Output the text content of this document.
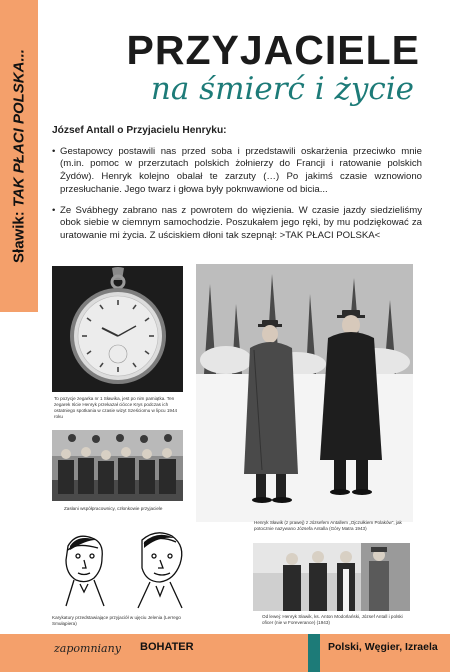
Sławik: TAK PŁACI POLSKA...	PRZYJACIELE
na śmierć i życie
József Antall o Przyjacielu Henryku:
• Gestapowcy postawili nas przed soba i przedstawili oskarżenia przeciwko mnie (m.in. pomoc w przerzutach polskich żołnierzy do Francji i ratowanie polskich Żydów). Henryk kolejno obalał te zarzuty (…) Po jakimś czasie wznowiono przesłuchanie. Jego twarz i głowa były poknwawione od bicia...
• Ze Svábhegy zabrano nas z powrotem do więzienia. W czasie jazdy siedzieliśmy obok siebie w ciemnym samochodzie. Poszukałem jego ręki, by mu podziękować za uratowanie mi życia. Z uściskiem dłoni tak szepnął: >TAK PŁACI POLSKA<
To pozycje zegarka nr 1 Sławika, jest po nim pamiątka. Ten zegarek Iście Henryk przekazał ciócce Krys podczas ich ostatniego spotkania w czasie wizyt Sześciomu w lipcu 1944 roku
Zasłani współpracownicy, członkowie przyjaciele
Karykatury przedstawiające przyjaciół w ujęciu Jelenia (Lerrego Smułąpiera)
Henryk Sławik (z prawej) z Józsefem Antallem „Ojczułkiem Polaków”, jak potocznie nazywano Józsefa Antalla (Góry Matra 1943)
Od lewej: Henryk Sławik, ks. Anton Modorlański, József Antall i polski oficer (nie w Foreverance) (1943)
zapomniany BOHATER	Polski, Węgier, Izraela
